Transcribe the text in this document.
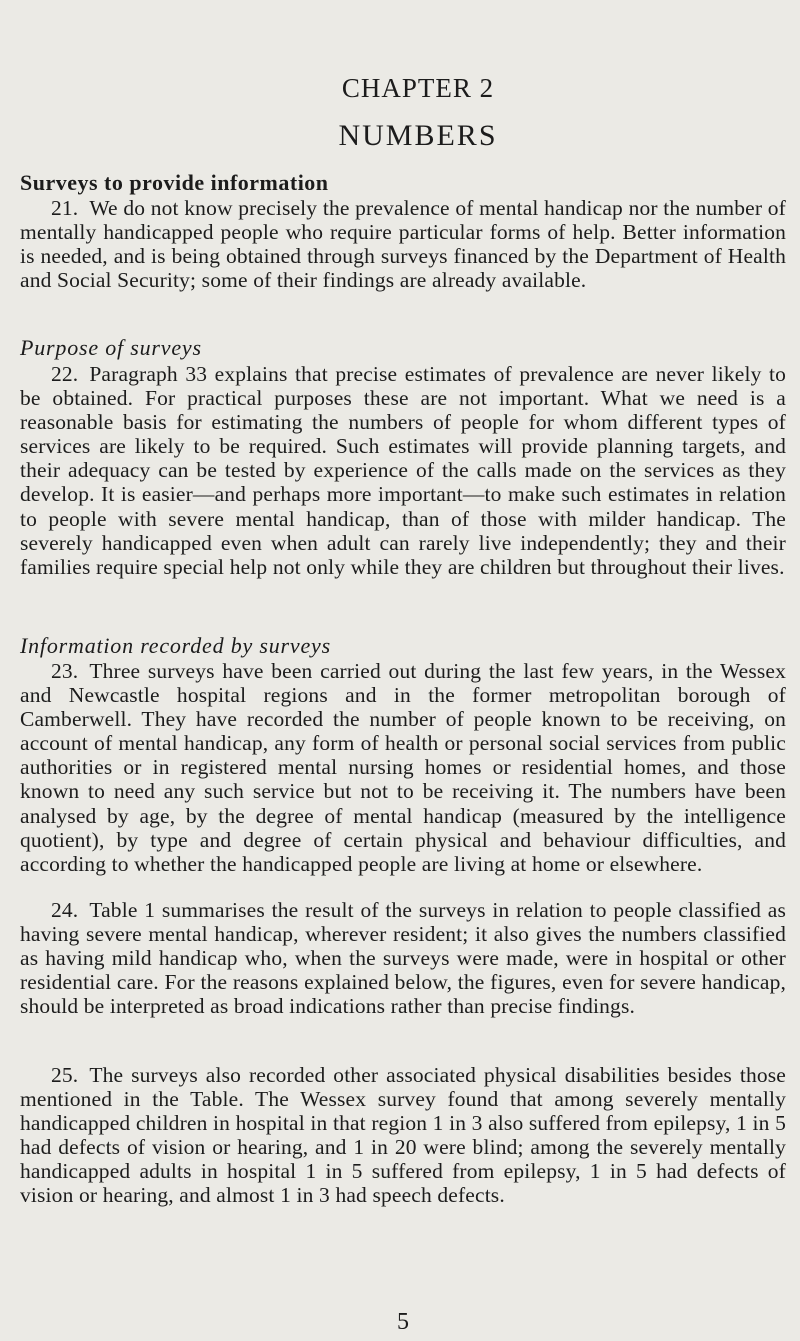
CHAPTER 2
NUMBERS
Surveys to provide information
21. We do not know precisely the prevalence of mental handicap nor the number of mentally handicapped people who require particular forms of help. Better information is needed, and is being obtained through surveys financed by the Department of Health and Social Security; some of their findings are already available.
Purpose of surveys
22. Paragraph 33 explains that precise estimates of prevalence are never likely to be obtained. For practical purposes these are not important. What we need is a reasonable basis for estimating the numbers of people for whom different types of services are likely to be required. Such estimates will provide planning targets, and their adequacy can be tested by experience of the calls made on the services as they develop. It is easier—and perhaps more important—to make such estimates in relation to people with severe mental handicap, than of those with milder handicap. The severely handicapped even when adult can rarely live independently; they and their families require special help not only while they are children but throughout their lives.
Information recorded by surveys
23. Three surveys have been carried out during the last few years, in the Wessex and Newcastle hospital regions and in the former metropolitan borough of Camberwell. They have recorded the number of people known to be receiving, on account of mental handicap, any form of health or personal social services from public authorities or in registered mental nursing homes or residential homes, and those known to need any such service but not to be receiving it. The numbers have been analysed by age, by the degree of mental handicap (measured by the intelligence quotient), by type and degree of certain physical and behaviour difficulties, and according to whether the handicapped people are living at home or elsewhere.
24. Table 1 summarises the result of the surveys in relation to people classified as having severe mental handicap, wherever resident; it also gives the numbers classified as having mild handicap who, when the surveys were made, were in hospital or other residential care. For the reasons explained below, the figures, even for severe handicap, should be interpreted as broad indications rather than precise findings.
25. The surveys also recorded other associated physical disabilities besides those mentioned in the Table. The Wessex survey found that among severely mentally handicapped children in hospital in that region 1 in 3 also suffered from epilepsy, 1 in 5 had defects of vision or hearing, and 1 in 20 were blind; among the severely mentally handicapped adults in hospital 1 in 5 suffered from epilepsy, 1 in 5 had defects of vision or hearing, and almost 1 in 3 had speech defects.
5
